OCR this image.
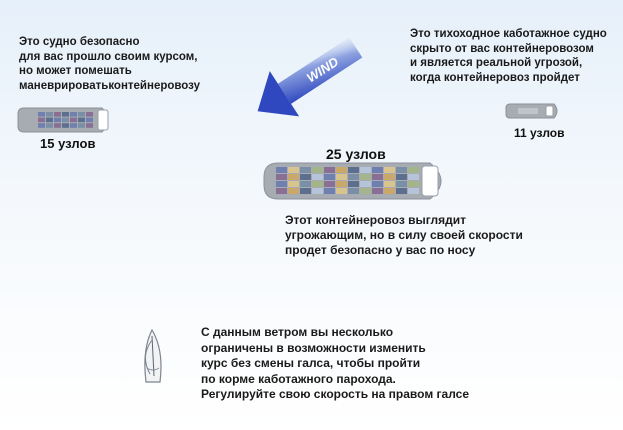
WIND
15 узлов
11 узлов
25 узлов
Это судно безопасно
для вас прошло своим курсом,
но может помешать
маневрироватьконтейнеровозу
Это тихоходное каботажное судно
скрыто от вас контейнеровозом
и является реальной угрозой,
когда контейнеровоз пройдет
Этот контейнеровоз выглядит
угрожающим, но в силу своей скорости
продет безопасно у вас по носу
С данным ветром вы несколько
ограничены в возможности изменить
курс без смены галса, чтобы пройти
по корме каботажного парохода.
Регулируйте свою скорость на правом галсе
